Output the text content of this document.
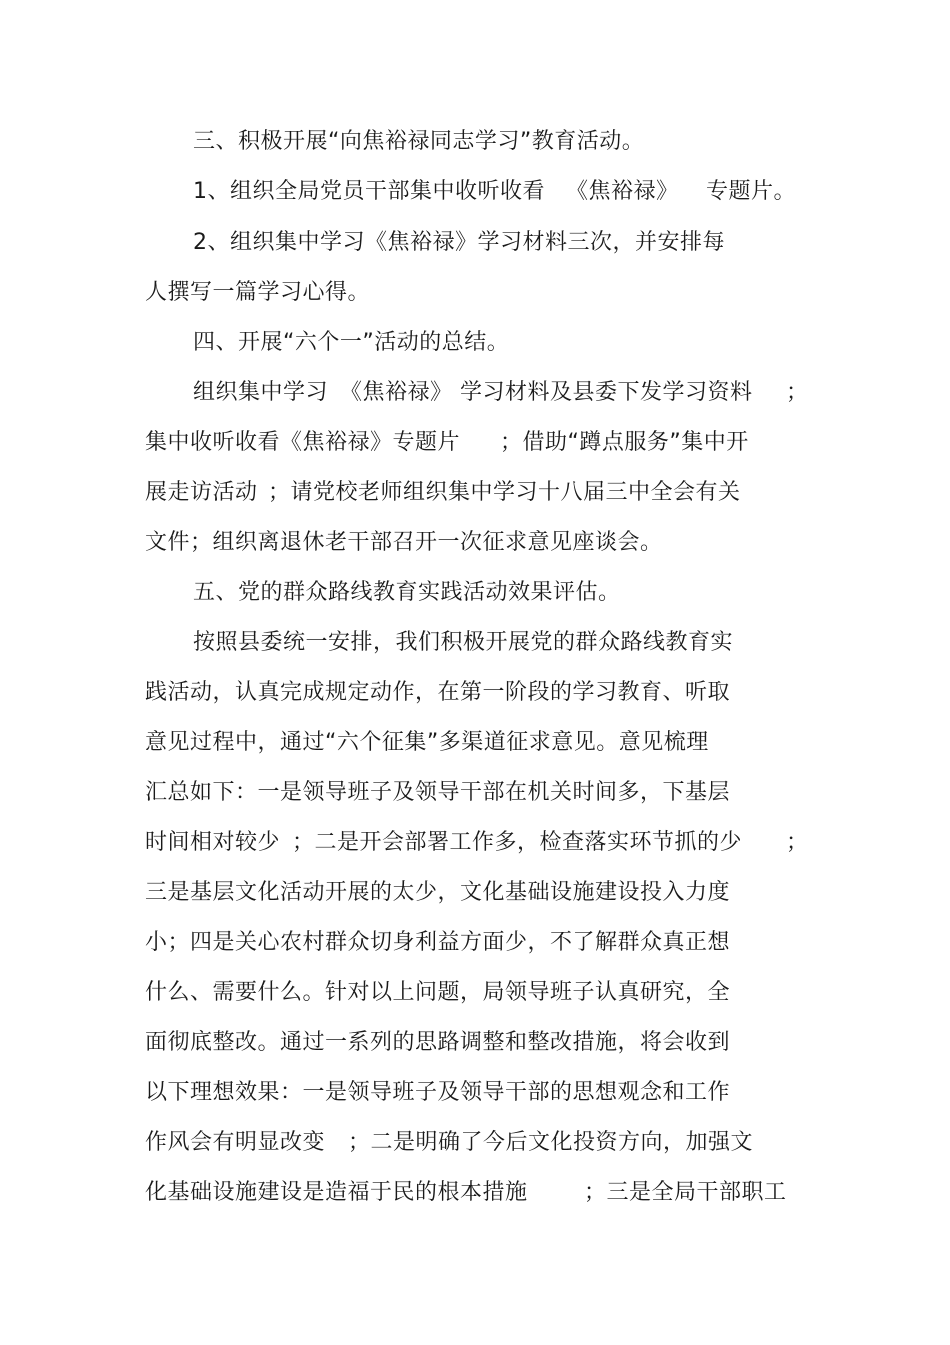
三、积极开展“向焦裕禄同志学习”教育活动。
1、组织全局党员干部集中收听收看 《焦裕禄》 专题片。
2、组织集中学习《焦裕禄》学习材料三次，并安排每
人撰写一篇学习心得。
四、开展“六个一”活动的总结。
组织集中学习 《焦裕禄》 学习材料及县委下发学习资料 ；
集中收听收看《焦裕禄》专题片 ；借助“蹲点服务”集中开
展走访活动 ；请党校老师组织集中学习十八届三中全会有关
文件；组织离退休老干部召开一次征求意见座谈会。
五、党的群众路线教育实践活动效果评估。
按照县委统一安排，我们积极开展党的群众路线教育实
践活动，认真完成规定动作，在第一阶段的学习教育、听取
意见过程中，通过“六个征集”多渠道征求意见。意见梳理
汇总如下：一是领导班子及领导干部在机关时间多，下基层
时间相对较少 ；二是开会部署工作多，检查落实环节抓的少 ；
三是基层文化活动开展的太少，文化基础设施建设投入力度
小；四是关心农村群众切身利益方面少，不了解群众真正想
什么、需要什么。针对以上问题，局领导班子认真研究，全
面彻底整改。通过一系列的思路调整和整改措施，将会收到
以下理想效果：一是领导班子及领导干部的思想观念和工作
作风会有明显改变 ；二是明确了今后文化投资方向，加强文
化基础设施建设是造福于民的根本措施	；三是全局干部职工
